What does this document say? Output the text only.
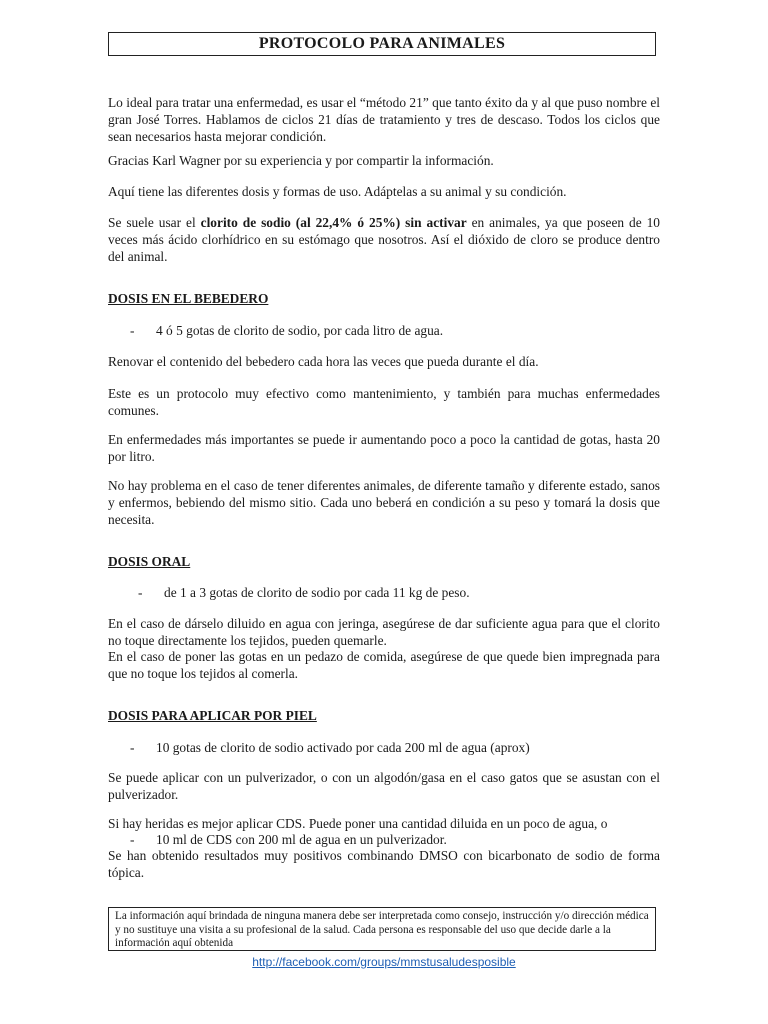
PROTOCOLO PARA ANIMALES
Lo ideal para tratar una enfermedad, es usar el “método 21” que tanto éxito da y al que puso nombre el gran José Torres. Hablamos de ciclos 21 días de tratamiento y tres de descaso. Todos los ciclos que sean necesarios hasta mejorar condición.
Gracias Karl Wagner por su experiencia y por compartir la información.
Aquí tiene las diferentes dosis y formas de uso. Adáptelas a su animal y su condición.
Se suele usar el clorito de sodio (al 22,4% ó 25%) sin activar en animales, ya que poseen de 10 veces más ácido clorhídrico en su estómago que nosotros. Así el dióxido de cloro se produce dentro del animal.
DOSIS EN EL BEBEDERO
- 4 ó 5 gotas de clorito de sodio, por cada litro de agua.
Renovar el contenido del bebedero cada hora las veces que pueda durante el día.
Este es un protocolo muy efectivo como mantenimiento, y también para muchas enfermedades comunes.
En enfermedades más importantes se puede ir aumentando poco a poco la cantidad de gotas, hasta 20 por litro.
No hay problema en el caso de tener diferentes animales, de diferente tamaño y diferente estado, sanos y enfermos, bebiendo del mismo sitio. Cada uno beberá en condición a su peso y tomará la dosis que necesita.
DOSIS ORAL
- de 1 a 3 gotas de clorito de sodio por cada 11 kg de peso.
En el caso de dárselo diluido en agua con jeringa, asegúrese de dar suficiente agua para que el clorito no toque directamente los tejidos, pueden quemarle.
En el caso de poner las gotas en un pedazo de comida, asegúrese de que quede bien impregnada para que no toque los tejidos al comerla.
DOSIS PARA APLICAR POR PIEL
- 10 gotas de clorito de sodio activado por cada 200 ml de agua (aprox)
Se puede aplicar con un pulverizador, o con un algodón/gasa en el caso gatos que se asustan con el pulverizador.
Si hay heridas es mejor aplicar CDS. Puede poner una cantidad diluida en un poco de agua, o
- 10 ml de CDS con 200 ml de agua en un pulverizador.
Se han obtenido resultados muy positivos combinando DMSO con bicarbonato de sodio de forma tópica.
La información aquí brindada de ninguna manera debe ser interpretada como consejo, instrucción y/o dirección médica y no sustituye una visita a su profesional de la salud. Cada persona es responsable del uso que decide darle a la información aquí obtenida
http://facebook.com/groups/mmstusaludesposible
